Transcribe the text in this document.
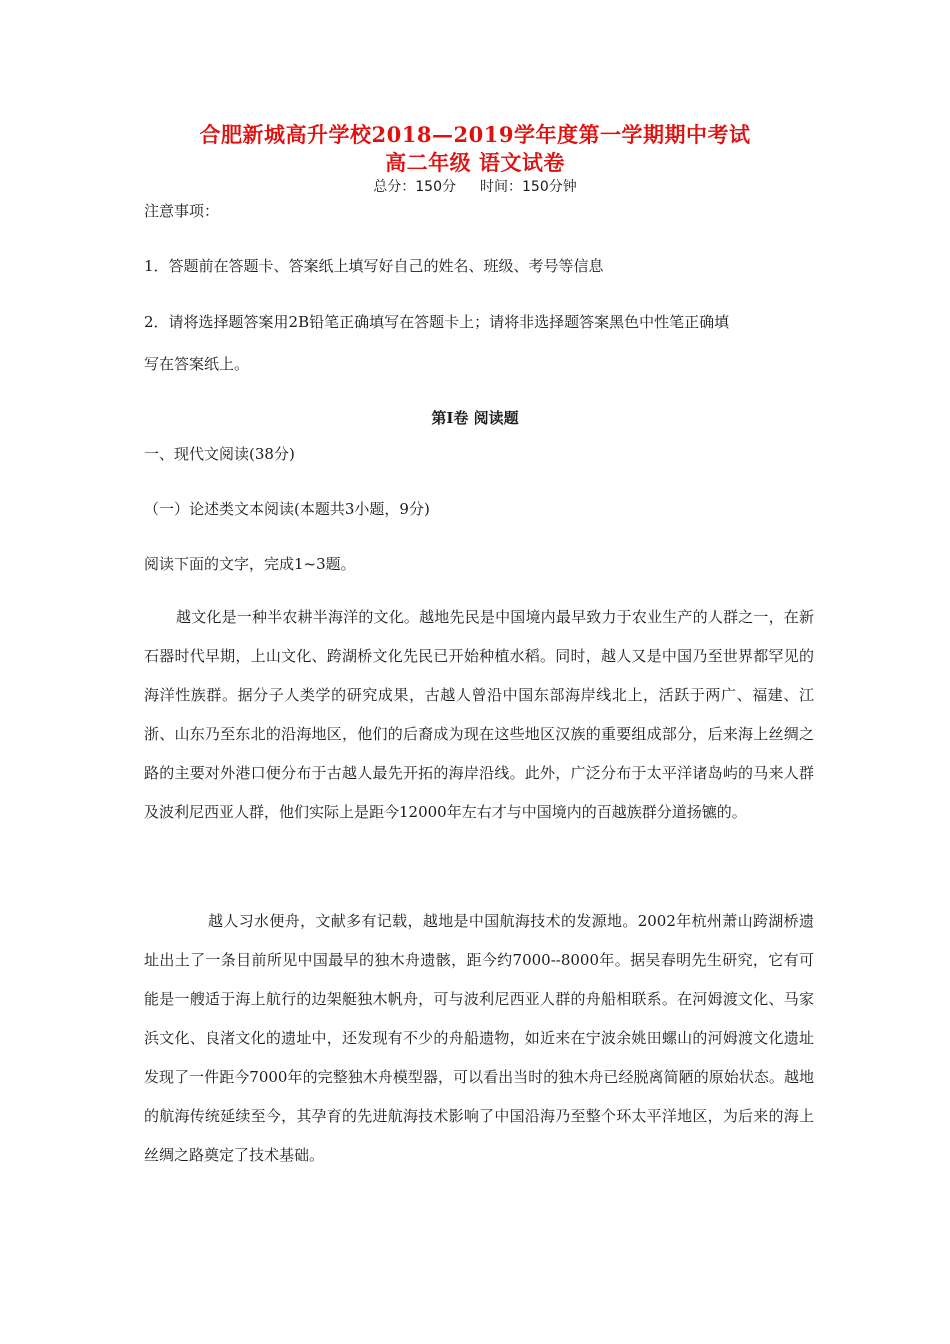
合肥新城高升学校2018—2019学年度第一学期期中考试
高二年级 语文试卷
总分：150分 时间：150分钟
注意事项：
1．答题前在答题卡、答案纸上填写好自己的姓名、班级、考号等信息
2．请将选择题答案用2B铅笔正确填写在答题卡上；请将非选择题答案黑色中性笔正确填
写在答案纸上。
第Ⅰ卷 阅读题
一、现代文阅读(38分)
（一）论述类文本阅读(本题共3小题，9分)
阅读下面的文字，完成1~3题。
越文化是一种半农耕半海洋的文化。越地先民是中国境内最早致力于农业生产的人群之一，在新石器时代早期，上山文化、跨湖桥文化先民已开始种植水稻。同时，越人又是中国乃至世界都罕见的海洋性族群。据分子人类学的研究成果，古越人曾沿中国东部海岸线北上，活跃于两广、福建、江浙、山东乃至东北的沿海地区，他们的后裔成为现在这些地区汉族的重要组成部分，后来海上丝绸之路的主要对外港口便分布于古越人最先开拓的海岸沿线。此外，广泛分布于太平洋诸岛屿的马来人群及波利尼西亚人群，他们实际上是距今12000年左右才与中国境内的百越族群分道扬镳的。
越人习水便舟，文献多有记载，越地是中国航海技术的发源地。2002年杭州萧山跨湖桥遗址出土了一条目前所见中国最早的独木舟遗骸，距今约7000--8000年。据吴春明先生研究，它有可能是一艘适于海上航行的边架艇独木帆舟，可与波利尼西亚人群的舟船相联系。在河姆渡文化、马家浜文化、良渚文化的遗址中，还发现有不少的舟船遗物，如近来在宁波余姚田螺山的河姆渡文化遗址发现了一件距今7000年的完整独木舟模型器，可以看出当时的独木舟已经脱离简陋的原始状态。越地的航海传统延续至今，其孕育的先进航海技术影响了中国沿海乃至整个环太平洋地区，为后来的海上丝绸之路奠定了技术基础。
